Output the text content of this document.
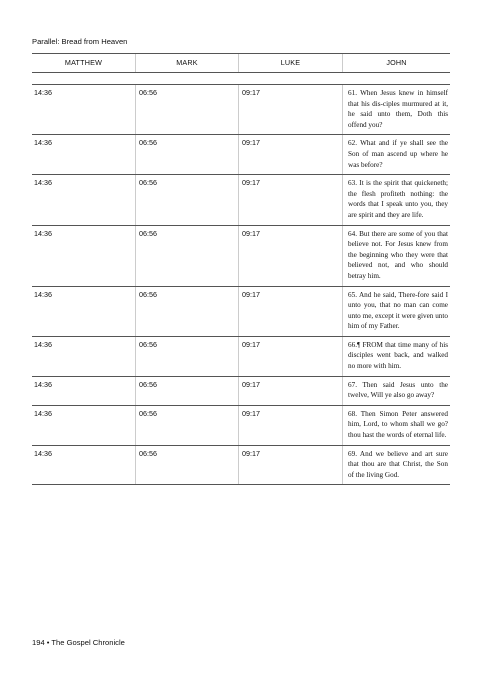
Parallel: Bread from Heaven
MATTHEW	MARK	LUKE	JOHN
14:36	06:56	09:17	61. When Jesus knew in himself that his dis-ciples murmured at it, he said unto them, Doth this offend you?
14:36	06:56	09:17	62. What and if ye shall see the Son of man ascend up where he was before?
14:36	06:56	09:17	63. It is the spirit that quickeneth; the flesh profiteth nothing: the words that I speak unto you, they are spirit and they are life.
14:36	06:56	09:17	64. But there are some of you that believe not. For Jesus knew from the beginning who they were that believed not, and who should betray him.
14:36	06:56	09:17	65. And he said, There-fore said I unto you, that no man can come unto me, except it were given unto him of my Father.
14:36	06:56	09:17	66.¶ FROM that time many of his disciples went back, and walked no more with him.
14:36	06:56	09:17	67. Then said Jesus unto the twelve, Will ye also go away?
14:36	06:56	09:17	68. Then Simon Peter answered him, Lord, to whom shall we go? thou hast the words of eternal life.
14:36	06:56	09:17	69. And we believe and art sure that thou are that Christ, the Son of the living God.
194 • The Gospel Chronicle
